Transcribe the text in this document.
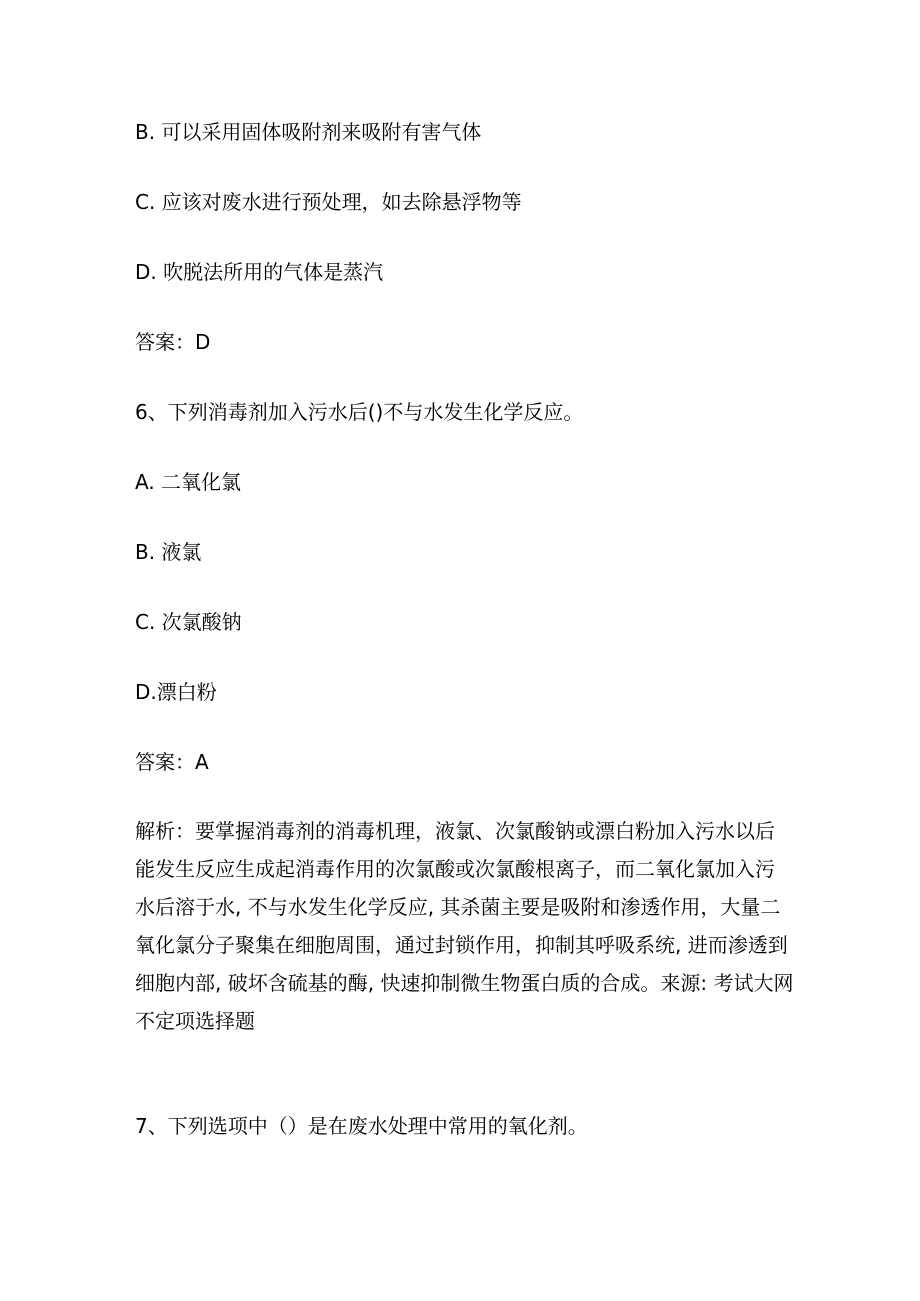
B. 可以采用固体吸附剂来吸附有害气体
C. 应该对废水进行预处理，如去除悬浮物等
D. 吹脱法所用的气体是蒸汽
答案：D
6、下列消毒剂加入污水后()不与水发生化学反应。
A. 二氧化氯
B. 液氯
C. 次氯酸钠
D.漂白粉
答案：A
解析：要掌握消毒剂的消毒机理，液氯、次氯酸钠或漂白粉加入污水以后
能发生反应生成起消毒作用的次氯酸或次氯酸根离子，而二氧化氯加入污
水后溶于水, 不与水发生化学反应, 其杀菌主要是吸附和渗透作用，大量二
氧化氯分子聚集在细胞周围，通过封锁作用，抑制其呼吸系统, 进而渗透到
细胞内部, 破坏含硫基的酶, 快速抑制微生物蛋白质的合成。来源: 考试大网
不定项选择题
7、下列选项中（）是在废水处理中常用的氧化剂。
